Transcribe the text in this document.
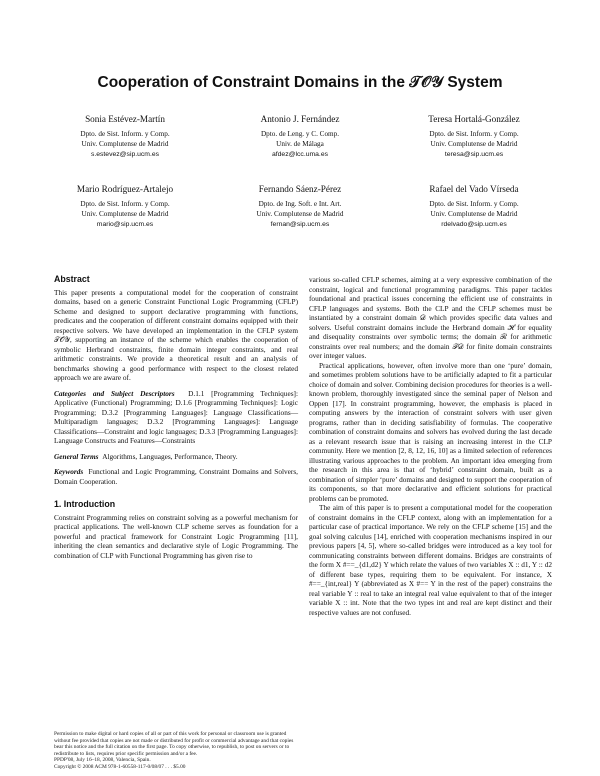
Cooperation of Constraint Domains in the 𝒯𝒪𝒴 System
Sonia Estévez-Martín
Dpto. de Sist. Inform. y Comp.
Univ. Complutense de Madrid
s.estevez@sip.ucm.es
Antonio J. Fernández
Dpto. de Leng. y C. Comp.
Univ. de Málaga
afdez@lcc.uma.es
Teresa Hortalá-González
Dpto. de Sist. Inform. y Comp.
Univ. Complutense de Madrid
teresa@sip.ucm.es
Mario Rodríguez-Artalejo
Dpto. de Sist. Inform. y Comp.
Univ. Complutense de Madrid
mario@sip.ucm.es
Fernando Sáenz-Pérez
Dpto. de Ing. Soft. e Int. Art.
Univ. Complutense de Madrid
fernan@sip.ucm.es
Rafael del Vado Vírseda
Dpto. de Sist. Inform. y Comp.
Univ. Complutense de Madrid
rdelvado@sip.ucm.es
Abstract

This paper presents a computational model for the cooperation of constraint domains, based on a generic Constraint Functional Logic Programming (CFLP) Scheme and designed to support declarative programming with functions, predicates and the cooperation of different constraint domains equipped with their respective solvers. We have developed an implementation in the CFLP system 𝒯𝒪𝒴, supporting an instance of the scheme which enables the cooperation of symbolic Herbrand constraints, finite domain integer constraints, and real arithmetic constraints. We provide a theoretical result and an analysis of benchmarks showing a good performance with respect to the closest related approach we are aware of.

Categories and Subject Descriptors D.1.1 [Programming Techniques]: Applicative (Functional) Programming; D.1.6 [Programming Techniques]: Logic Programming; D.3.2 [Programming Languages]: Language Classifications—Multiparadigm languages; D.3.2 [Programming Languages]: Language Classifications—Constraint and logic languages; D.3.3 [Programming Languages]: Language Constructs and Features—Constraints

General Terms Algorithms, Languages, Performance, Theory.

Keywords Functional and Logic Programming, Constraint Domains and Solvers, Domain Cooperation.

1. Introduction

Constraint Programming relies on constraint solving as a powerful mechanism for practical applications. The well-known CLP scheme serves as foundation for a powerful and practical framework for Constraint Logic Programming [11], inheriting the clean semantics and declarative style of Logic Programming. The combination of CLP with Functional Programming has given rise to

Permission to make digital or hard copies of all or part of this work for personal or classroom use is granted without fee provided that copies are not made or distributed for profit or commercial advantage and that copies bear this notice and the full citation on the first page. To copy otherwise, to republish, to post on servers or to redistribute to lists, requires prior specific permission and/or a fee.
PPDP'08, July 16–18, 2008, Valencia, Spain.
Copyright © 2008 ACM 978-1-60558-117-0/08/07 . . . $5.00

various so-called CFLP schemes, aiming at a very expressive combination of the constraint, logical and functional programming paradigms. This paper tackles foundational and practical issues concerning the efficient use of constraints in CFLP languages and systems. Both the CLP and the CFLP schemes must be instantiated by a constraint domain 𝒟 which provides specific data values and solvers. Useful constraint domains include the Herbrand domain ℋ for equality and disequality constraints over symbolic terms; the domain ℛ for arithmetic constraints over real numbers; and the domain ℱ𝒟 for finite domain constraints over integer values.

Practical applications, however, often involve more than one ‘pure’ domain, and sometimes problem solutions have to be artificially adapted to fit a particular choice of domain and solver. Combining decision procedures for theories is a well-known problem, thoroughly investigated since the seminal paper of Nelson and Oppen [17]. In constraint programming, however, the emphasis is placed in computing answers by the interaction of constraint solvers with user given programs, rather than in deciding satisfiability of formulas. The cooperative combination of constraint domains and solvers has evolved during the last decade as a relevant research issue that is raising an increasing interest in the CLP community. Here we mention [2, 8, 12, 16, 10] as a limited selection of references illustrating various approaches to the problem. An important idea emerging from the research in this area is that of ‘hybrid’ constraint domain, built as a combination of simpler ‘pure’ domains and designed to support the cooperation of its components, so that more declarative and efficient solutions for practical problems can be promoted.

The aim of this paper is to present a computational model for the cooperation of constraint domains in the CFLP context, along with an implementation for a particular case of practical importance. We rely on the CFLP scheme [15] and the goal solving calculus [14], enriched with cooperation mechanisms inspired in our previous papers [4, 5], where so-called bridges were introduced as a key tool for communicating constraints between different domains. Bridges are constraints of the form X #==_{d1,d2} Y which relate the values of two variables X :: d1, Y :: d2 of different base types, requiring them to be equivalent. For instance, X #==_{int,real} Y (abbreviated as X #== Y in the rest of the paper) constrains the real variable Y :: real to take an integral real value equivalent to that of the integer variable X :: int. Note that the two types int and real are kept distinct and their respective values are not confused.
